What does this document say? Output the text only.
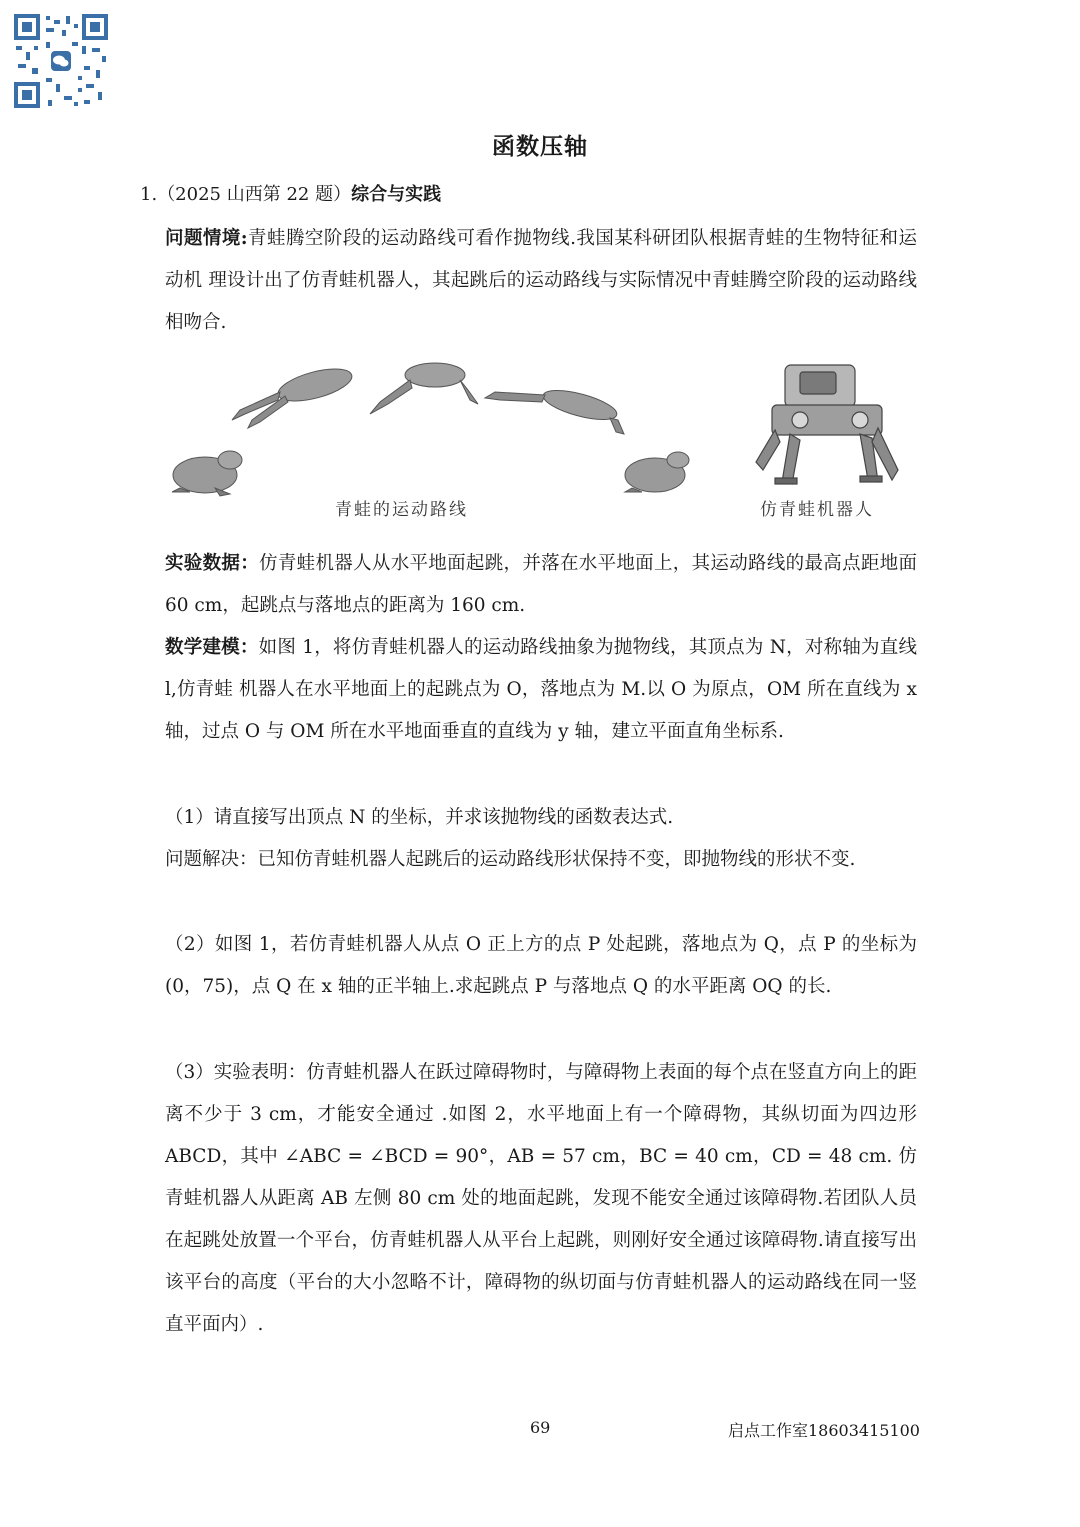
函数压轴
1.（2025 山西第 22 题）综合与实践

问题情境:青蛙腾空阶段的运动路线可看作抛物线.我国某科研团队根据青蛙的生物特征和运动机 理设计出了仿青蛙机器人，其起跳后的运动路线与实际情况中青蛙腾空阶段的运动路线相吻合.

青蛙的运动路线	仿青蛙机器人

实验数据：仿青蛙机器人从水平地面起跳，并落在水平地面上，其运动路线的最高点距地面 60 cm，起跳点与落地点的距离为 160 cm.

数学建模：如图 1，将仿青蛙机器人的运动路线抽象为抛物线，其顶点为 N，对称轴为直线 l,仿青蛙 机器人在水平地面上的起跳点为 O，落地点为 M.以 O 为原点，OM 所在直线为 x 轴，过点 O 与 OM 所在水平地面垂直的直线为 y 轴，建立平面直角坐标系.

（1）请直接写出顶点 N 的坐标，并求该抛物线的函数表达式.

问题解决：已知仿青蛙机器人起跳后的运动路线形状保持不变，即抛物线的形状不变.

（2）如图 1，若仿青蛙机器人从点 O 正上方的点 P 处起跳，落地点为 Q，点 P 的坐标为(0，75)，点 Q 在 x 轴的正半轴上.求起跳点 P 与落地点 Q 的水平距离 OQ 的长.

（3）实验表明：仿青蛙机器人在跃过障碍物时，与障碍物上表面的每个点在竖直方向上的距离不少于 3 cm，才能安全通过 .如图 2，水平地面上有一个障碍物，其纵切面为四边形 ABCD，其中 ∠ABC = ∠BCD = 90°，AB = 57 cm，BC = 40 cm，CD = 48 cm. 仿青蛙机器人从距离 AB 左侧 80 cm 处的地面起跳，发现不能安全通过该障碍物.若团队人员在起跳处放置一个平台，仿青蛙机器人从平台上起跳，则刚好安全通过该障碍物.请直接写出该平台的高度（平台的大小忽略不计，障碍物的纵切面与仿青蛙机器人的运动路线在同一竖直平面内）.

69	启点工作室18603415100
